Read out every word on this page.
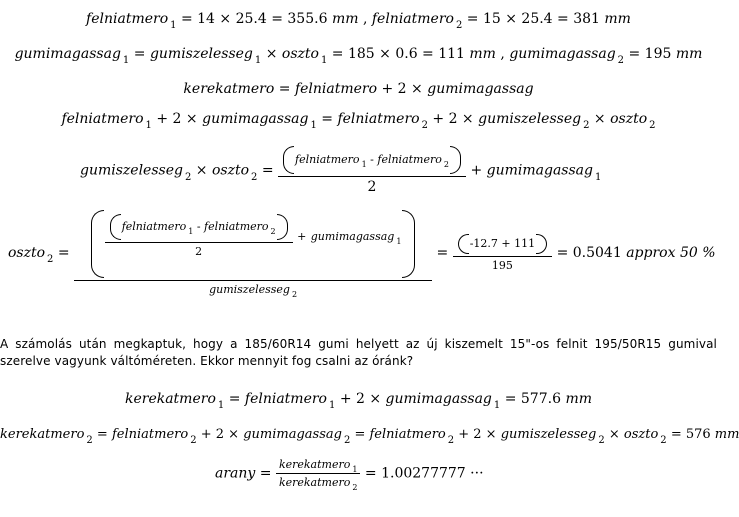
felniatmero $_1$ = 14 × 25.4 = 355.6 mm , felniatmero $_2$ = 15 × 25.4 = 381 mm
gumimagassag $_1$ = gumiszelesseg $_1$ × oszto $_1$ = 185 × 0.6 = 111 mm , gumimagassag $_2$ = 195 mm
kerekatmero = felniatmero + 2 × gumimagassag
felniatmero $_1$ + 2 × gumimagassag $_1$ = felniatmero $_2$ + 2 × gumiszelesseg $_2$ × oszto $_2$
gumiszelesseg $_2$ × oszto $_2 = \frac{felniatmero _1 - felniatmero _2}{2}$ + gumimagassag $_1$
oszto $_2$ =	$\frac{felniatmero _1 - felniatmero _2}{2}$ + gumimagassag $_1$
gumiszelesseg $_2$
= $\frac{-12.7 + 111}{195} = 0.5041$ approx 50 %
A számolás után megkaptuk, hogy a 185/60R14 gumi helyett az új kiszemelt 15"-os felnit 195/50R15 gumival szerelve vagyunk váltóméreten. Ekkor mennyit fog csalni az óránk?
kerekatmero $_1$ = felniatmero $_1$ + 2 × gumimagassag $_1$ = 577.6 mm
kerekatmero $_2$ = felniatmero $_2$ + 2 × gumimagassag $_2$ = felniatmero $_2$ + 2 × gumiszelesseg $_2$ × oszto $_2$ = 576 mm
arany = $\frac{kerekatmero _1}{kerekatmero _2} = 1.00277777$ ···
